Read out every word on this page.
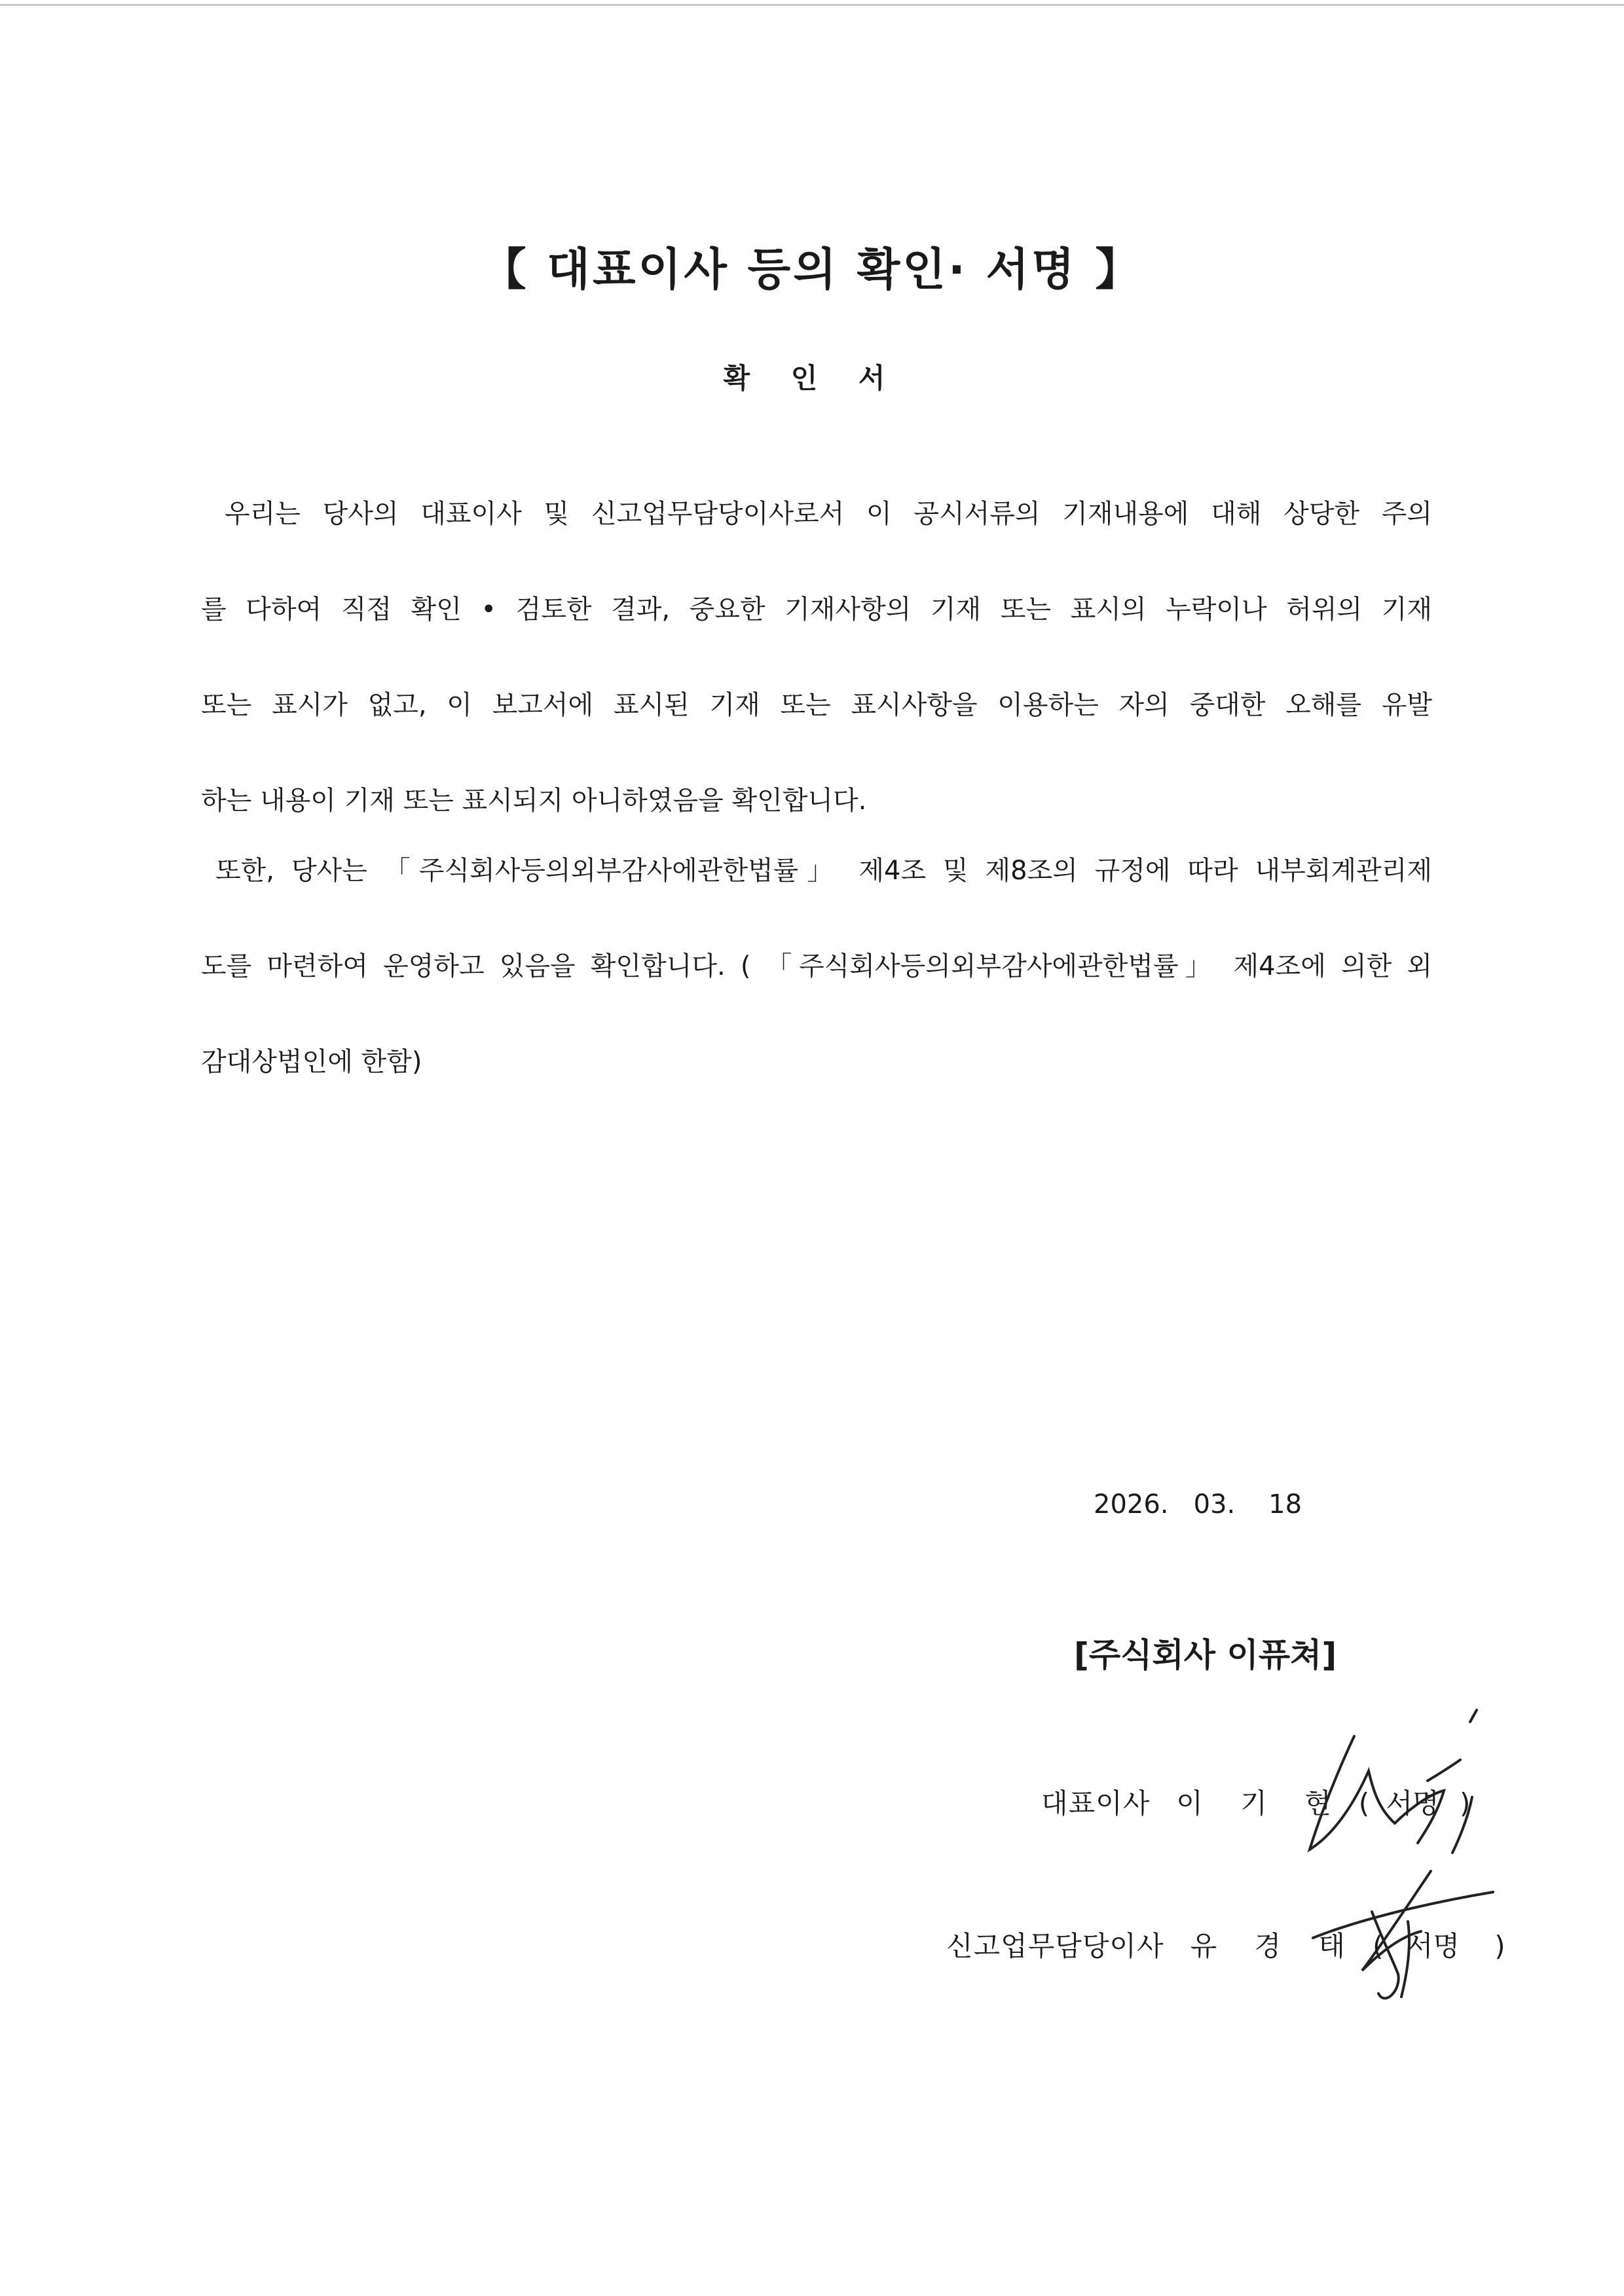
【 대표이사 등의 확인· 서명 】
확 인 서
우리는 당사의 대표이사 및 신고업무담당이사로서 이 공시서류의 기재내용에 대해 상당한 주의
를 다하여 직접 확인 • 검토한 결과, 중요한 기재사항의 기재 또는 표시의 누락이나 허위의 기재
또는 표시가 없고, 이 보고서에 표시된 기재 또는 표시사항을 이용하는 자의 중대한 오해를 유발
하는 내용이 기재 또는 표시되지 아니하였음을 확인합니다.
또한, 당사는 「주식회사등의외부감사에관한법률」 제4조 및 제8조의 규정에 따라 내부회계관리제
도를 마련하여 운영하고 있음을 확인합니다. ( 「주식회사등의외부감사에관한법률」 제4조에 의한 외
감대상법인에 한함)
2026.   03.    18
[주식회사 이퓨쳐]
대표이사 이 기 현 ( 서명 )
신고업무담당이사 유 경 태 ( 서명 )
